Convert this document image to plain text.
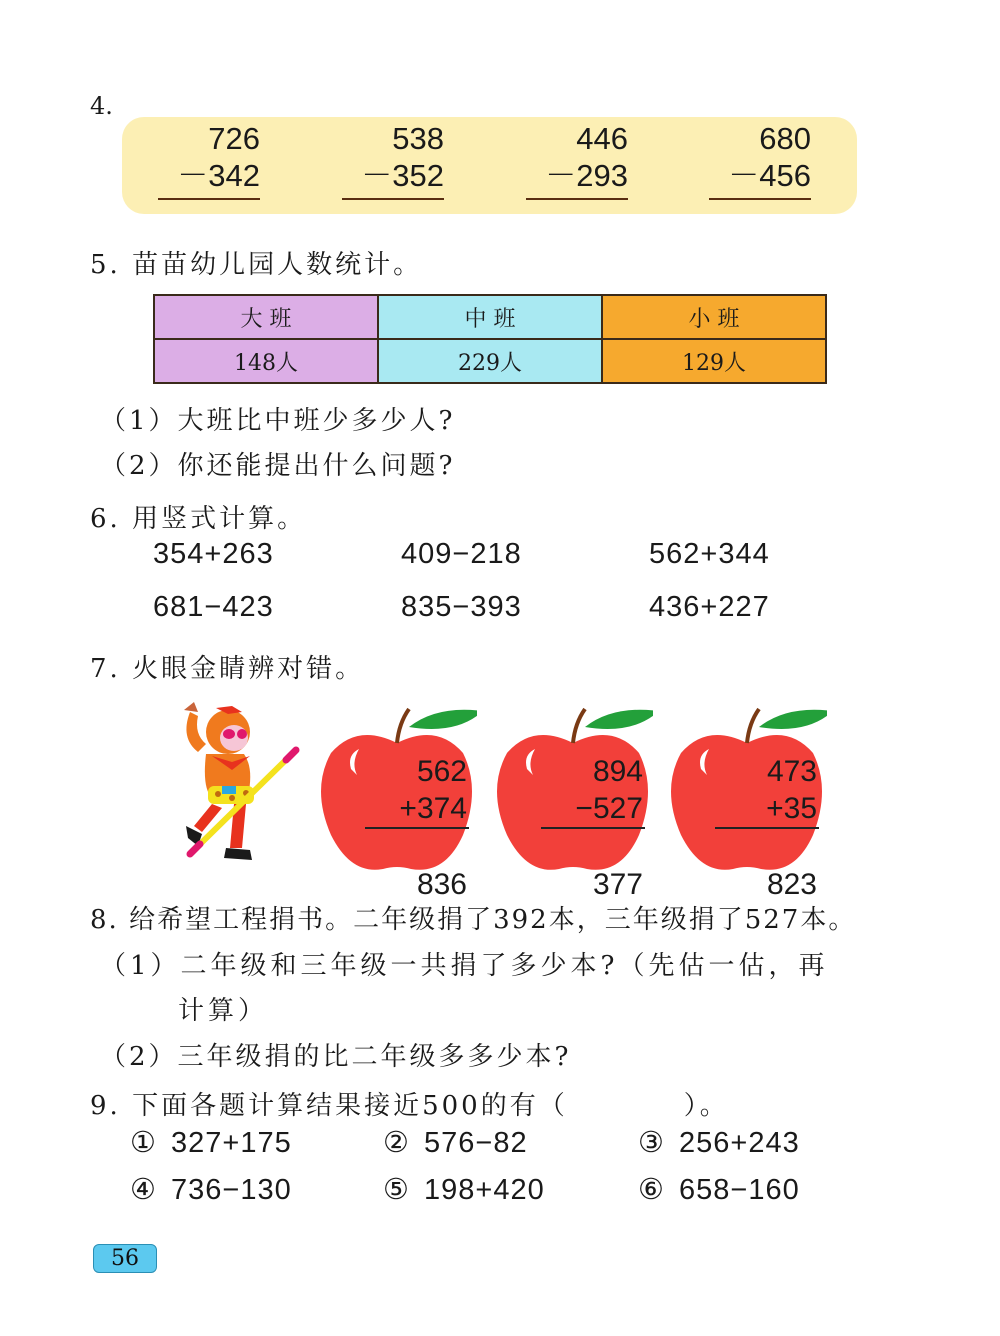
4.
726
－342
538
－352
446
－293
680
－456
5. 苗苗幼儿园人数统计。
大 班	中 班	小 班
148人	229人	129人
（1）大班比中班少多少人?
（2）你还能提出什么问题?
6. 用竖式计算。
354+263	409−218	562+344
681−423	835−393	436+227
7. 火眼金睛辨对错。
562
+374
836
894
−527
377
473
+35
823
8. 给希望工程捐书。二年级捐了392本，三年级捐了527本。
（1）二年级和三年级一共捐了多少本?（先估一估，再
计算）
（2）三年级捐的比二年级多多少本?
9. 下面各题计算结果接近500的有（　　　　）。
① 327+175	② 576−82	③ 256+243
④ 736−130	⑤ 198+420	⑥ 658−160
56
